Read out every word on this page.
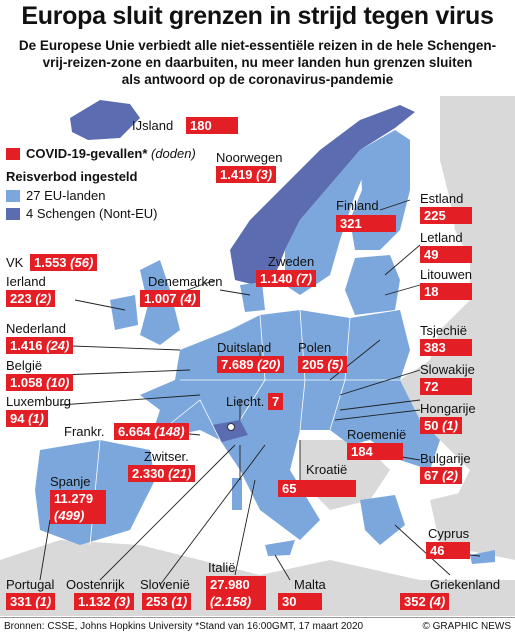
Europa sluit grenzen in strijd tegen virus
De Europese Unie verbiedt alle niet-essentiële reizen in de hele Schengen-
vrij-reizen-zone en daarbuiten, nu meer landen hun grenzen sluiten
als antwoord op de coronavirus-pandemie
COVID-19-gevallen*
(doden)
Reisverbod ingesteld
27 EU-landen
4 Schengen (Nont-EU)
IJsland	180
Noorwegen
1.419 (3)
Finland
321
Zweden
1.140 (7)
Estland
225
Letland
49
Litouwen
18
VK 1.553 (56)
Ierland
223 (2)
Denemarken
1.007 (4)
Nederland
1.416 (24)	Duitsland
7.689 (20)
Polen
205 (5)
Tsjechië
383
België
1.058 (10)
Slowakije
72
Luxemburg
94 (1)
Liecht. 7	Hongarije
50 (1)
Frankr.	6.664 (148)	Roemenië
184
Zwitser.
2.330 (21)
Spanje
11.279
(499)
Bulgarije
67 (2)
Kroatië
65
Cyprus
46
Italië
27.980
(2.158)
Portugal
331 (1)
Oostenrijk
1.132 (3)
Slovenië
253 (1)
Malta
30
Griekenland
352 (4)
Bronnen: CSSE, Johns Hopkins University *Stand van 16:00GMT, 17 maart 2020	© GRAPHIC NEWS
